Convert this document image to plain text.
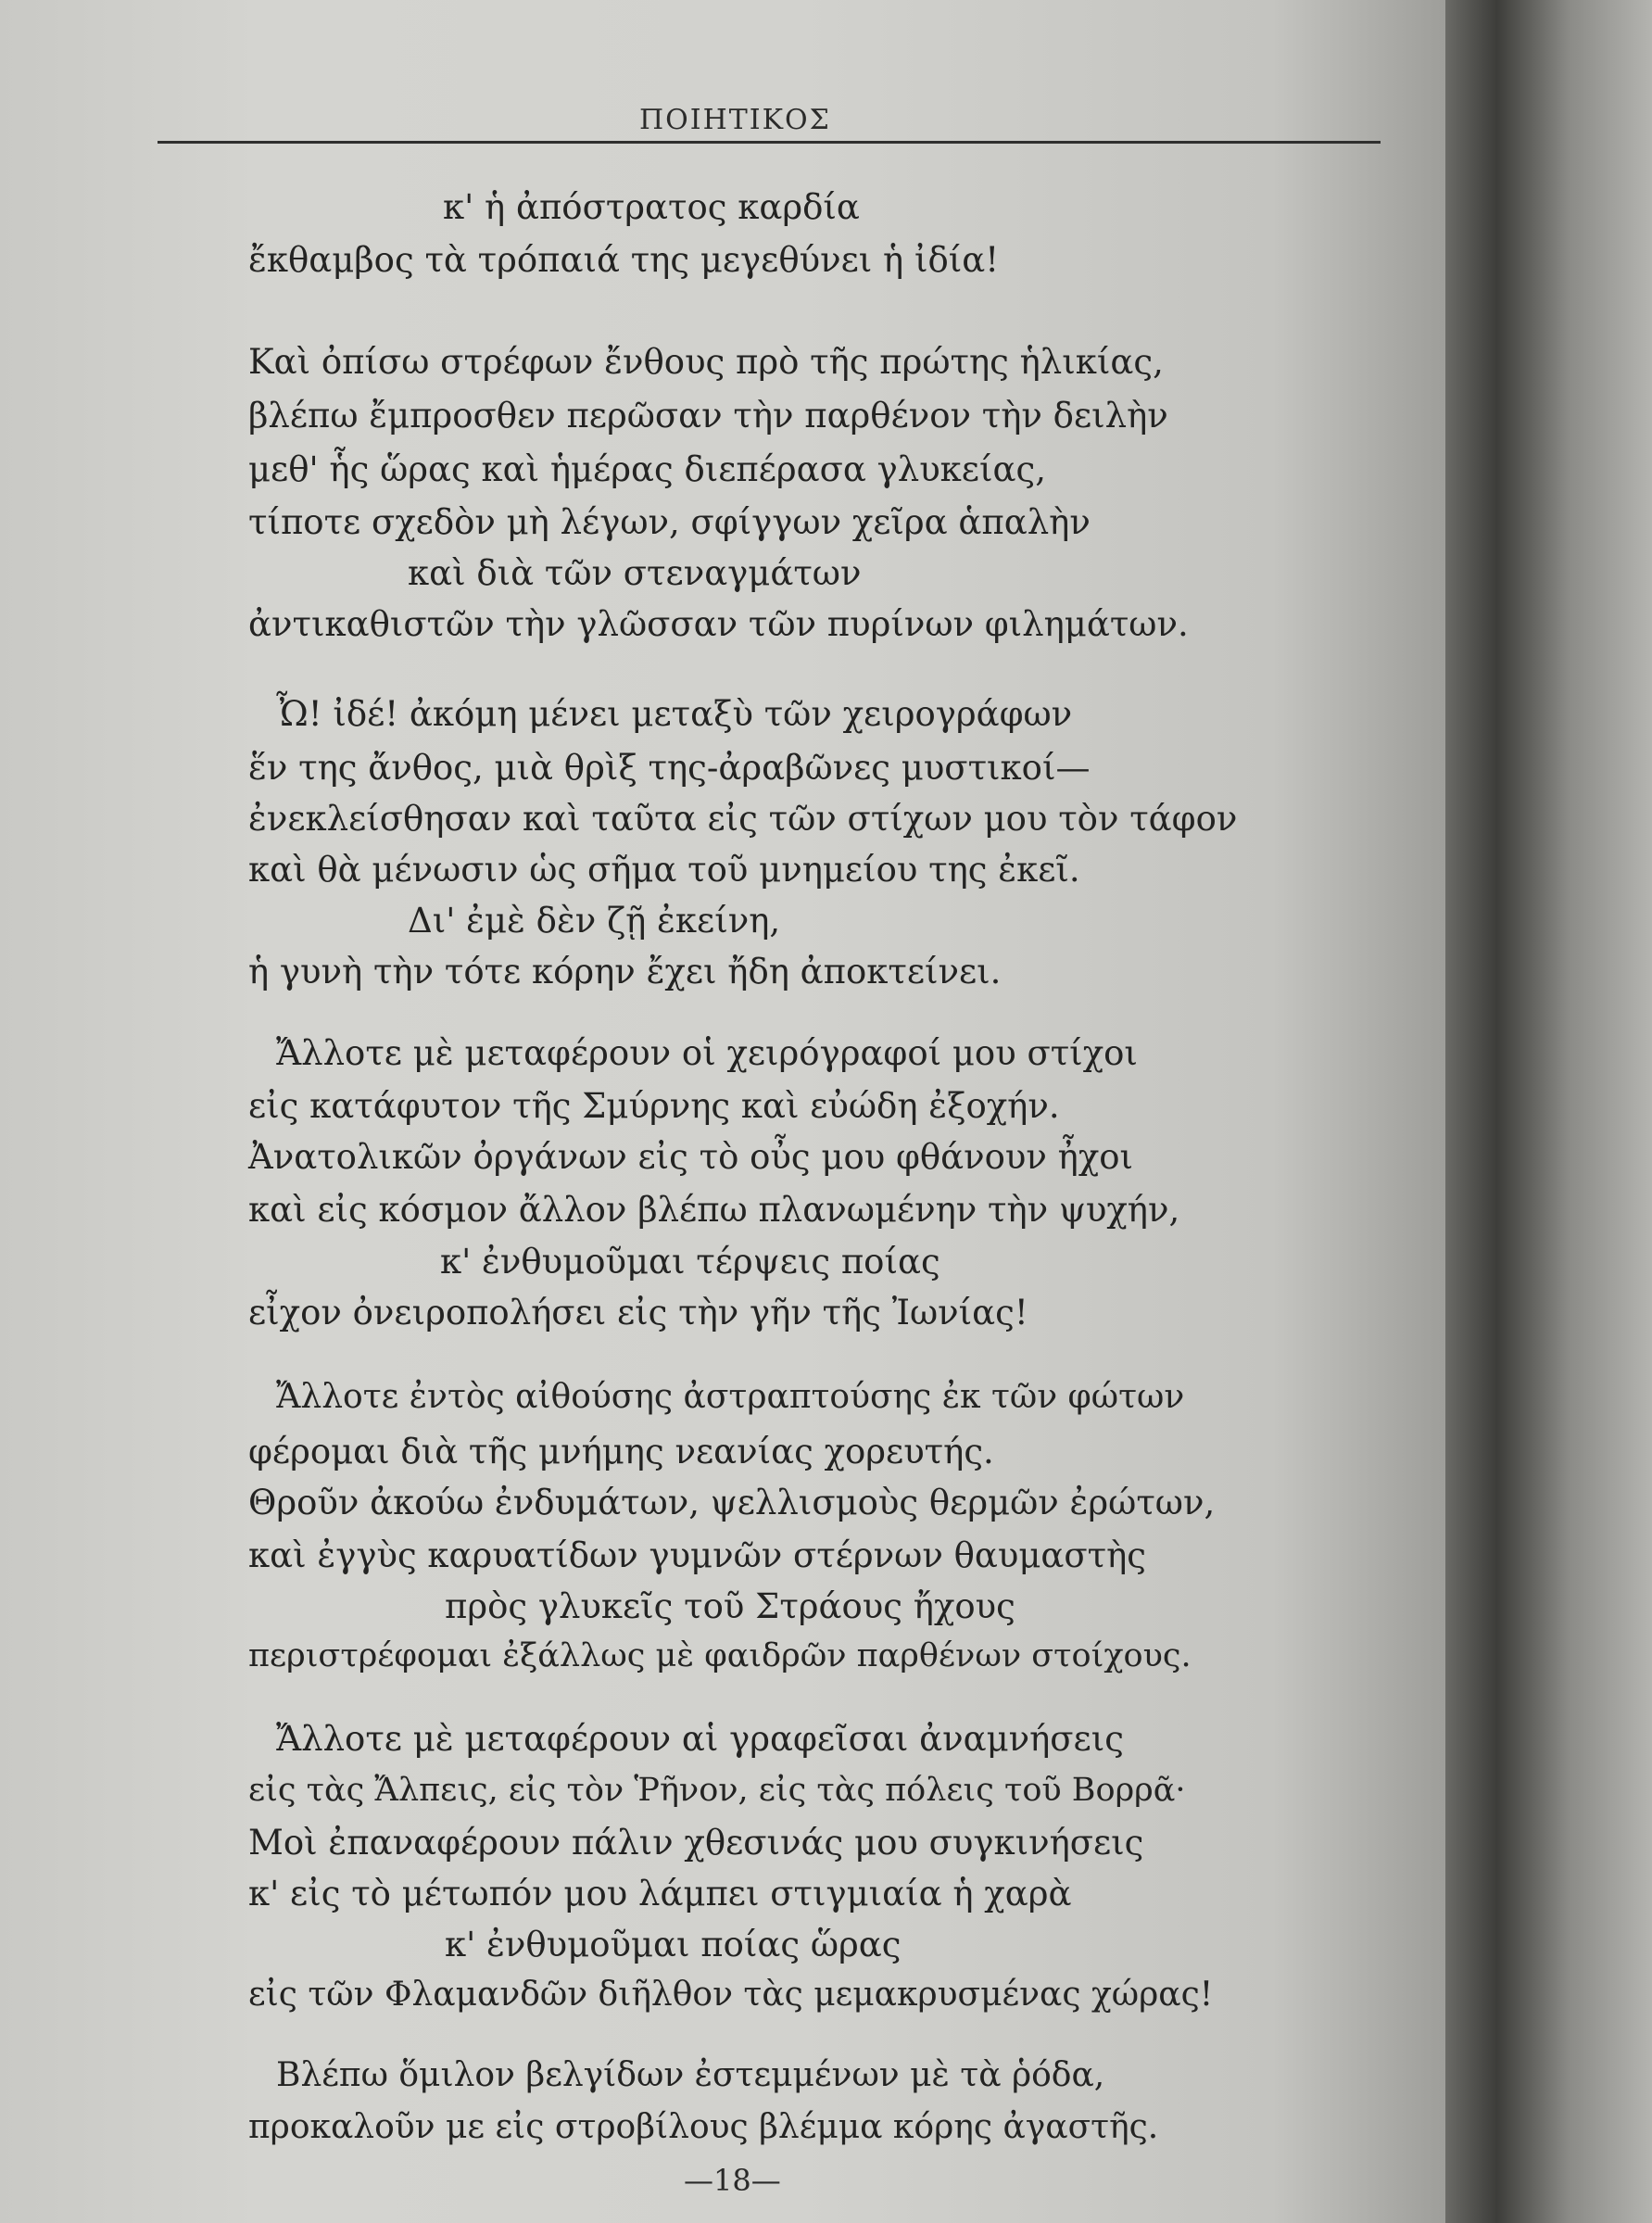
ΠΟΙΗΤΙΚΟΣ
κ' ἡ ἀπόστρατος καρδία
ἔκθαμβος τὰ τρόπαιά της μεγεθύνει ἡ ἰδία!
Καὶ ὀπίσω στρέφων ἔνθους πρὸ τῆς πρώτης ἡλικίας,
βλέπω ἔμπροσθεν περῶσαν τὴν παρθένον τὴν δειλὴν
μεθ' ἧς ὥρας καὶ ἡμέρας διεπέρασα γλυκείας,
τίποτε σχεδὸν μὴ λέγων, σφίγγων χεῖρα ἁπαλὴν
καὶ διὰ τῶν στεναγμάτων
ἀντικαθιστῶν τὴν γλῶσσαν τῶν πυρίνων φιλημάτων.
Ὦ! ἰδέ! ἀκόμη μένει μεταξὺ τῶν χειρογράφων
ἕν της ἄνθος, μιὰ θρὶξ της-ἀραβῶνες μυστικοί—
ἐνεκλείσθησαν καὶ ταῦτα εἰς τῶν στίχων μου τὸν τάφον
καὶ θὰ μένωσιν ὡς σῆμα τοῦ μνημείου της ἐκεῖ.
Δι' ἐμὲ δὲν ζῇ ἐκείνη,
ἡ γυνὴ τὴν τότε κόρην ἔχει ἤδη ἀποκτείνει.
Ἄλλοτε μὲ μεταφέρουν οἱ χειρόγραφοί μου στίχοι
εἰς κατάφυτον τῆς Σμύρνης καὶ εὐώδη ἐξοχήν.
Ἀνατολικῶν ὀργάνων εἰς τὸ οὖς μου φθάνουν ἦχοι
καὶ εἰς κόσμον ἄλλον βλέπω πλανωμένην τὴν ψυχήν,
κ' ἐνθυμοῦμαι τέρψεις ποίας
εἶχον ὀνειροπολήσει εἰς τὴν γῆν τῆς Ἰωνίας!
Ἄλλοτε ἐντὸς αἰθούσης ἀστραπτούσης ἐκ τῶν φώτων
φέρομαι διὰ τῆς μνήμης νεανίας χορευτής.
Θροῦν ἀκούω ἐνδυμάτων, ψελλισμοὺς θερμῶν ἐρώτων,
καὶ ἐγγὺς καρυατίδων γυμνῶν στέρνων θαυμαστὴς
πρὸς γλυκεῖς τοῦ Στράους ἤχους
περιστρέφομαι ἐξάλλως μὲ φαιδρῶν παρθένων στοίχους.
Ἄλλοτε μὲ μεταφέρουν αἱ γραφεῖσαι ἀναμνήσεις
εἰς τὰς Ἄλπεις, εἰς τὸν Ῥῆνον, εἰς τὰς πόλεις τοῦ Βορρᾶ·
Μοὶ ἐπαναφέρουν πάλιν χθεσινάς μου συγκινήσεις
κ' εἰς τὸ μέτωπόν μου λάμπει στιγμιαία ἡ χαρὰ
κ' ἐνθυμοῦμαι ποίας ὥρας
εἰς τῶν Φλαμανδῶν διῆλθον τὰς μεμακρυσμένας χώρας!
Βλέπω ὅμιλον βελγίδων ἐστεμμένων μὲ τὰ ῥόδα,
προκαλοῦν με εἰς στροβίλους βλέμμα κόρης ἀγαστῆς.
—18—
